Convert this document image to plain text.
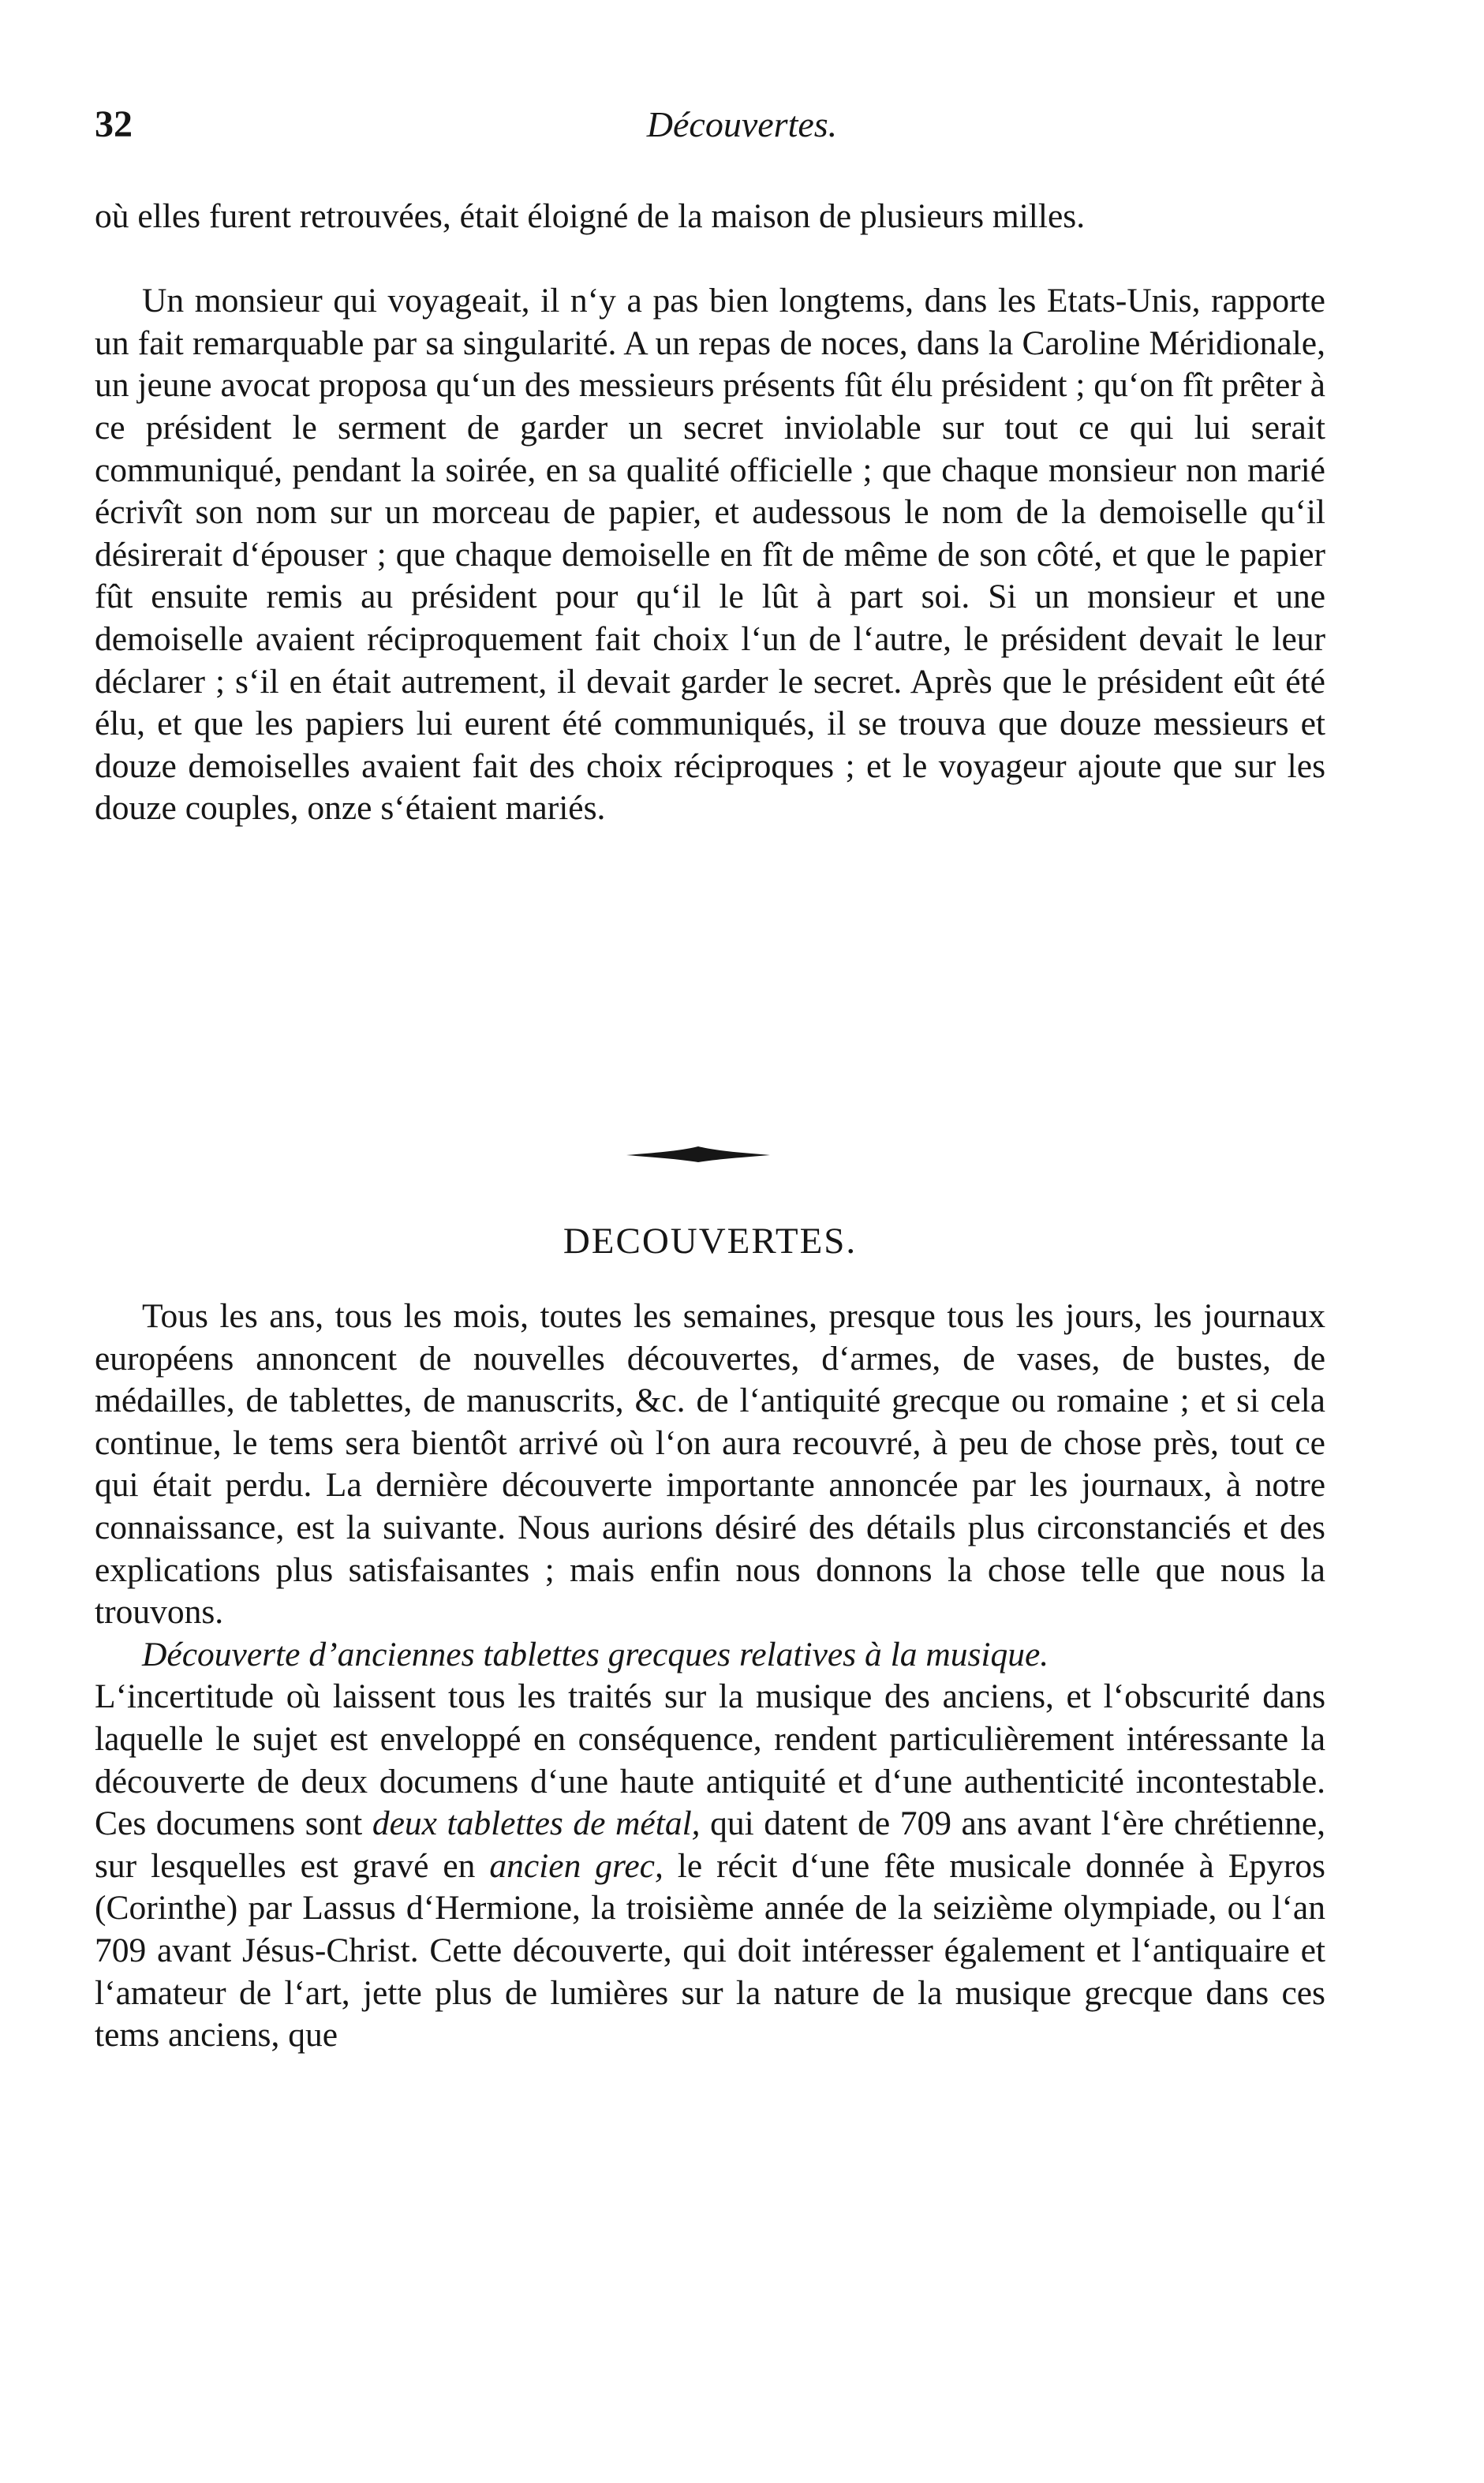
32	Découvertes.

où elles furent retrouvées, était éloigné de la maison de plusieurs milles.

Un monsieur qui voyageait, il n‘y a pas bien longtems, dans les Etats-Unis, rapporte un fait remarquable par sa singularité. A un repas de noces, dans la Caroline Méridionale, un jeune avocat proposa qu‘un des messieurs présents fût élu président ; qu‘on fît prêter à ce président le serment de garder un secret inviolable sur tout ce qui lui serait communiqué, pendant la soirée, en sa qualité officielle ; que chaque monsieur non marié écrivît son nom sur un morceau de papier, et audessous le nom de la demoiselle qu‘il désirerait d‘épouser ; que chaque demoiselle en fît de même de son côté, et que le papier fût ensuite remis au président pour qu‘il le lût à part soi. Si un monsieur et une demoiselle avaient réciproquement fait choix l‘un de l‘autre, le président devait le leur déclarer ; s‘il en était autrement, il devait garder le secret. Après que le président eût été élu, et que les papiers lui eurent été communiqués, il se trouva que douze messieurs et douze demoiselles avaient fait des choix réciproques ; et le voyageur ajoute que sur les douze couples, onze s‘étaient mariés.

DECOUVERTES.

Tous les ans, tous les mois, toutes les semaines, presque tous les jours, les journaux européens annoncent de nouvelles découvertes, d‘armes, de vases, de bustes, de médailles, de tablettes, de manuscrits, &c. de l‘antiquité grecque ou romaine ; et si cela continue, le tems sera bientôt arrivé où l‘on aura recouvré, à peu de chose près, tout ce qui était perdu. La dernière découverte importante annoncée par les journaux, à notre connaissance, est la suivante. Nous aurions désiré des détails plus circonstanciés et des explications plus satisfaisantes ; mais enfin nous donnons la chose telle que nous la trouvons.

Découverte d’anciennes tablettes grecques relatives à la musique.

L‘incertitude où laissent tous les traités sur la musique des anciens, et l‘obscurité dans laquelle le sujet est enveloppé en conséquence, rendent particulièrement intéressante la découverte de deux documens d‘une haute antiquité et d‘une authenticité incontestable. Ces documens sont deux tablettes de métal, qui datent de 709 ans avant l‘ère chrétienne, sur lesquelles est gravé en ancien grec, le récit d‘une fête musicale donnée à Epyros (Corinthe) par Lassus d‘Hermione, la troisième année de la seizième olympiade, ou l‘an 709 avant Jésus-Christ. Cette découverte, qui doit intéresser également et l‘antiquaire et l‘amateur de l‘art, jette plus de lumières sur la nature de la musique grecque dans ces tems anciens, que
